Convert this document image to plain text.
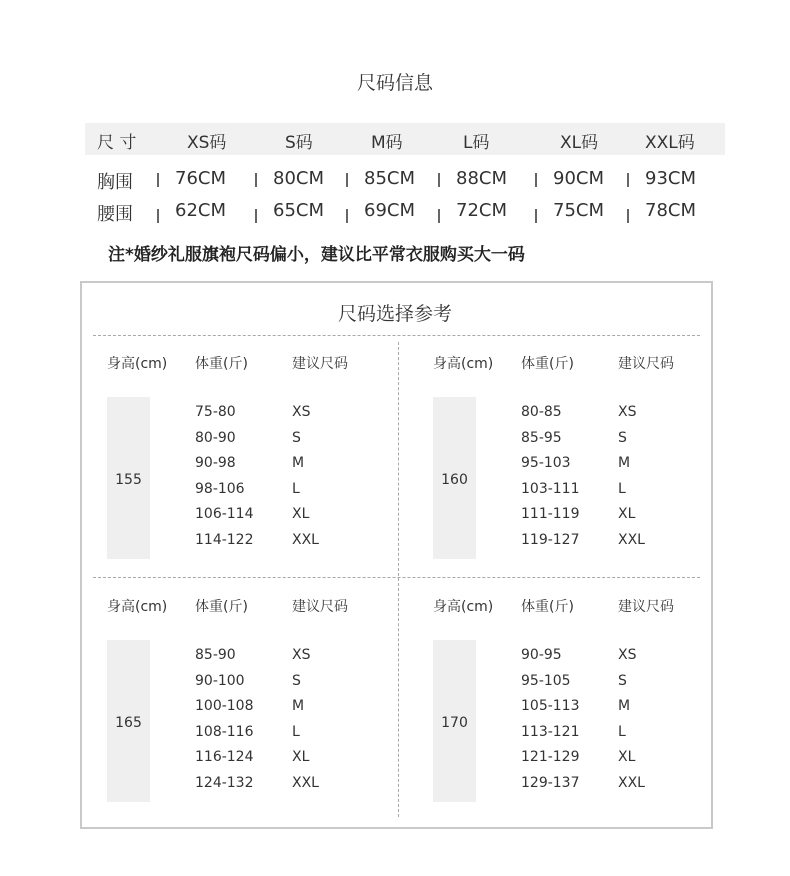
尺码信息
尺 寸	XS码	S码	M码	L码	XL码	XXL码
胸围 76CM	80CM 85CM 88CM	90CM 93CM
腰围 62CM	65CM 69CM 72CM	75CM 78CM
注*婚纱礼服旗袍尺码偏小，建议比平常衣服购买大一码
尺码选择参考
身高(cm) 体重(斤)	建议尺码
155
75-80	XS
80-90	S
90-98	M
98-106	L
106-114	XL
114-122	XXL
身高(cm) 体重(斤)	建议尺码
160
80-85	XS
85-95	S
95-103	M
103-111	L
111-119	XL
119-127	XXL
身高(cm) 体重(斤)	建议尺码
165
85-90	XS
90-100	S
100-108	M
108-116	L
116-124	XL
124-132	XXL
身高(cm) 体重(斤)	建议尺码
170
90-95	XS
95-105	S
105-113	M
113-121	L
121-129	XL
129-137	XXL
